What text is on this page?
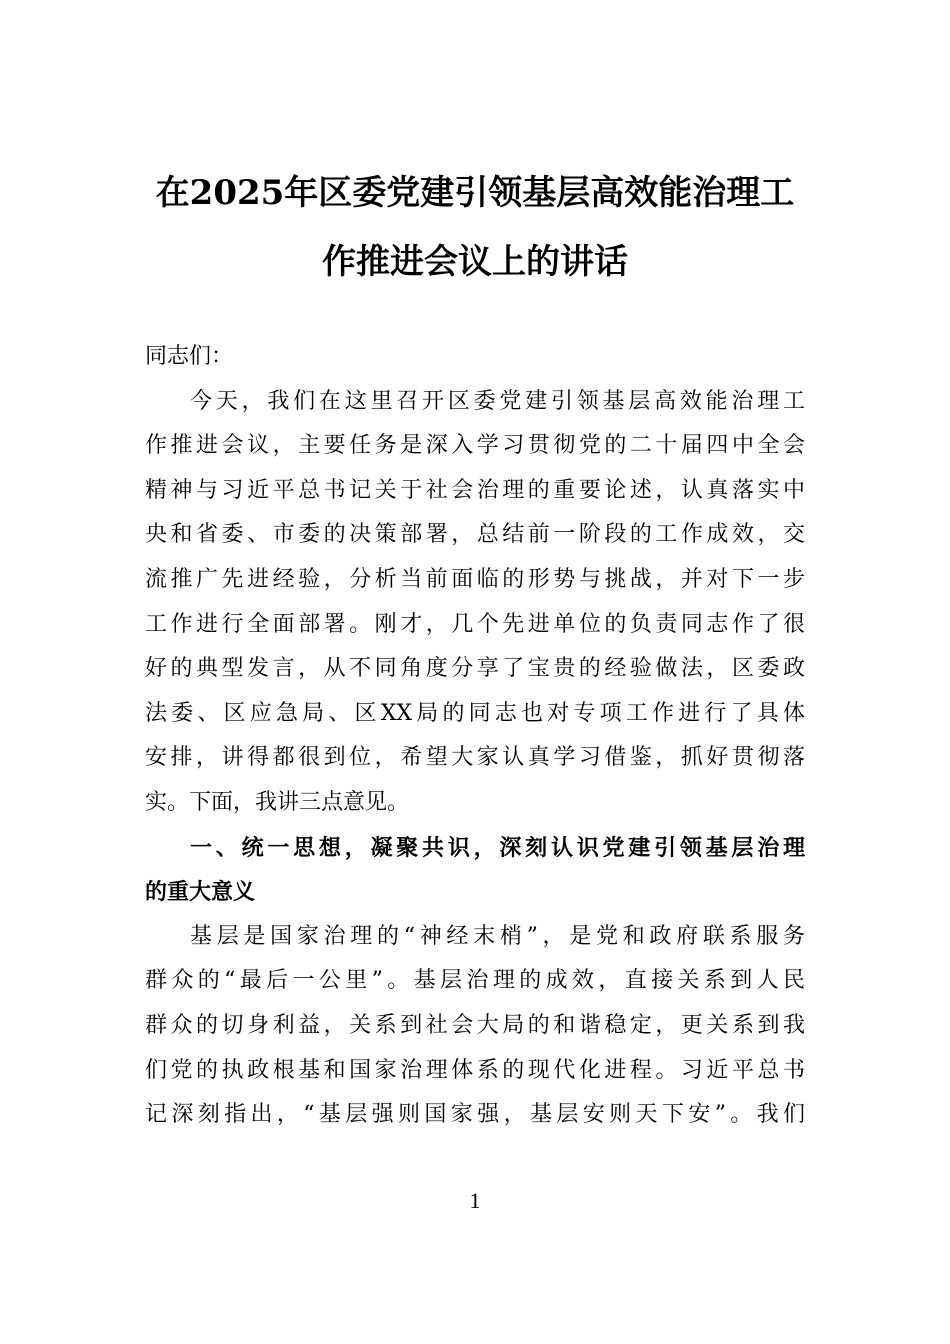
在2025年区委党建引领基层高效能治理工
作推进会议上的讲话
同志们：
今天，我们在这里召开区委党建引领基层高效能治理工
作推进会议，主要任务是深入学习贯彻党的二十届四中全会
精神与习近平总书记关于社会治理的重要论述，认真落实中
央和省委、市委的决策部署，总结前一阶段的工作成效，交
流推广先进经验，分析当前面临的形势与挑战，并对下一步
工作进行全面部署。刚才，几个先进单位的负责同志作了很
好的典型发言，从不同角度分享了宝贵的经验做法，区委政
法委、区应急局、区XX局的同志也对专项工作进行了具体
安排，讲得都很到位，希望大家认真学习借鉴，抓好贯彻落
实。下面，我讲三点意见。
一、统一思想，凝聚共识，深刻认识党建引领基层治理
的重大意义
基层是国家治理的“神经末梢”，是党和政府联系服务
群众的“最后一公里”。基层治理的成效，直接关系到人民
群众的切身利益，关系到社会大局的和谐稳定，更关系到我
们党的执政根基和国家治理体系的现代化进程。习近平总书
记深刻指出，“基层强则国家强，基层安则天下安”。我们
1
